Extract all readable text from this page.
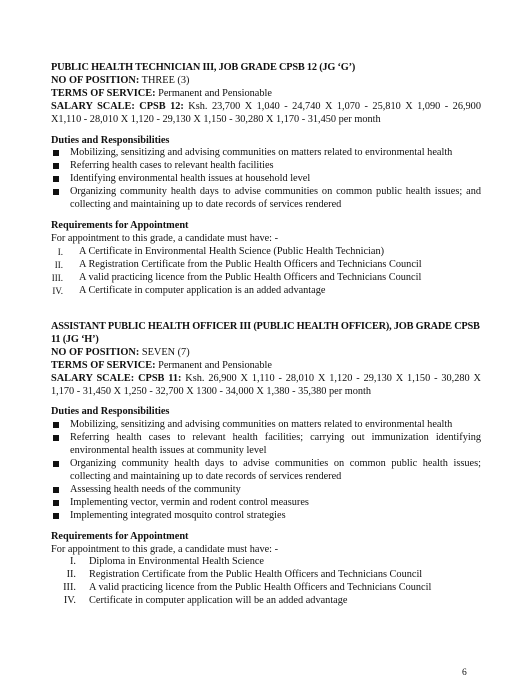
PUBLIC HEALTH TECHNICIAN III, JOB GRADE CPSB 12 (JG ‘G’)
NO OF POSITION: THREE (3)
TERMS OF SERVICE: Permanent and Pensionable
SALARY SCALE: CPSB 12: Ksh. 23,700 X 1,040 - 24,740 X 1,070 - 25,810 X 1,090 - 26,900 X1,110 - 28,010 X 1,120 - 29,130 X 1,150 - 30,280 X 1,170 - 31,450 per month
Duties and Responsibilities
Mobilizing, sensitizing and advising communities on matters related to environmental health
Referring health cases to relevant health facilities
Identifying environmental health issues at household level
Organizing community health days to advise communities on common public health issues; and collecting and maintaining up to date records of services rendered
Requirements for Appointment
For appointment to this grade, a candidate must have: -
I. A Certificate in Environmental Health Science (Public Health Technician)
II. A Registration Certificate from the Public Health Officers and Technicians Council
III. A valid practicing licence from the Public Health Officers and Technicians Council
IV. A Certificate in computer application is an added advantage
ASSISTANT PUBLIC HEALTH OFFICER III (PUBLIC HEALTH OFFICER), JOB GRADE CPSB 11 (JG ‘H’)
NO OF POSITION: SEVEN (7)
TERMS OF SERVICE: Permanent and Pensionable
SALARY SCALE: CPSB 11: Ksh. 26,900 X 1,110 - 28,010 X 1,120 - 29,130 X 1,150 - 30,280 X 1,170 - 31,450 X 1,250 - 32,700 X 1300 - 34,000 X 1,380 - 35,380 per month
Duties and Responsibilities
Mobilizing, sensitizing and advising communities on matters related to environmental health
Referring health cases to relevant health facilities; carrying out immunization identifying environmental health issues at community level
Organizing community health days to advise communities on common public health issues; collecting and maintaining up to date records of services rendered
Assessing health needs of the community
Implementing vector, vermin and rodent control measures
Implementing integrated mosquito control strategies
Requirements for Appointment
For appointment to this grade, a candidate must have: -
I. Diploma in Environmental Health Science
II. Registration Certificate from the Public Health Officers and Technicians Council
III. A valid practicing licence from the Public Health Officers and Technicians Council
IV. Certificate in computer application will be an added advantage
6
